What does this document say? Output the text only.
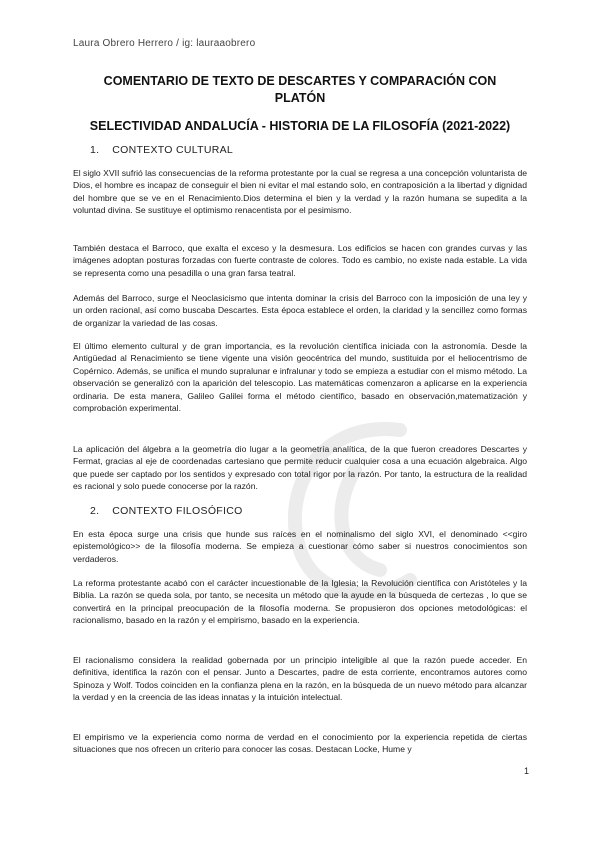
Laura Obrero Herrero / ig: lauraaobrero
COMENTARIO DE TEXTO DE DESCARTES Y COMPARACIÓN CON
PLATÓN
SELECTIVIDAD ANDALUCÍA - HISTORIA DE LA FILOSOFÍA (2021-2022)
1. CONTEXTO CULTURAL

El siglo XVII sufrió las consecuencias de la reforma protestante por la cual se regresa a una concepción voluntarista de Dios, el hombre es incapaz de conseguir el bien ni evitar el mal estando solo, en contraposición a la libertad y dignidad del hombre que se ve en el Renacimiento.Dios determina el bien y la verdad y la razón humana se supedita a la voluntad divina. Se sustituye el optimismo renacentista por el pesimismo.

También destaca el Barroco, que exalta el exceso y la desmesura. Los edificios se hacen con grandes curvas y las imágenes adoptan posturas forzadas con fuerte contraste de colores. Todo es cambio, no existe nada estable. La vida se representa como una pesadilla o una gran farsa teatral.

Además del Barroco, surge el Neoclasicismo que intenta dominar la crisis del Barroco con la imposición de una ley y un orden racional, así como buscaba Descartes. Esta época establece el orden, la claridad y la sencillez como formas de organizar la variedad de las cosas.

El último elemento cultural y de gran importancia, es la revolución científica iniciada con la astronomía. Desde la Antigüedad al Renacimiento se tiene vigente una visión geocéntrica del mundo, sustituida por el heliocentrismo de Copérnico. Además, se unifica el mundo supralunar e infralunar y todo se empieza a estudiar con el mismo método. La observación se generalizó con la aparición del telescopio. Las matemáticas comenzaron a aplicarse en la experiencia ordinaria. De esta manera, Galileo Galilei forma el método científico, basado en observación,matematización y comprobación experimental.

La aplicación del álgebra a la geometría dio lugar a la geometría analítica, de la que fueron creadores Descartes y Fermat, gracias al eje de coordenadas cartesiano que permite reducir cualquier cosa a una ecuación algebraica. Algo que puede ser captado por los sentidos y expresado con total rigor por la razón. Por tanto, la estructura de la realidad es racional y solo puede conocerse por la razón.

2. CONTEXTO FILOSÓFICO

En esta época surge una crisis que hunde sus raíces en el nominalismo del siglo XVI, el denominado <<giro epistemológico>> de la filosofía moderna. Se empieza a cuestionar cómo saber si nuestros conocimientos son verdaderos.

La reforma protestante acabó con el carácter incuestionable de la Iglesia; la Revolución científica con Aristóteles y la Biblia. La razón se queda sola, por tanto, se necesita un método que la ayude en la búsqueda de certezas , lo que se convertirá en la principal preocupación de la filosofía moderna. Se propusieron dos opciones metodológicas: el racionalismo, basado en la razón y el empirismo, basado en la experiencia.

El racionalismo considera la realidad gobernada por un principio inteligible al que la razón puede acceder. En definitiva, identifica la razón con el pensar. Junto a Descartes, padre de esta corriente, encontramos autores como Spinoza y Wolf. Todos coinciden en la confianza plena en la razón, en la búsqueda de un nuevo método para alcanzar la verdad y en la creencia de las ideas innatas y la intuición intelectual.

El empirismo ve la experiencia como norma de verdad en el conocimiento por la experiencia repetida de ciertas situaciones que nos ofrecen un criterio para conocer las cosas. Destacan Locke, Hume y

1
